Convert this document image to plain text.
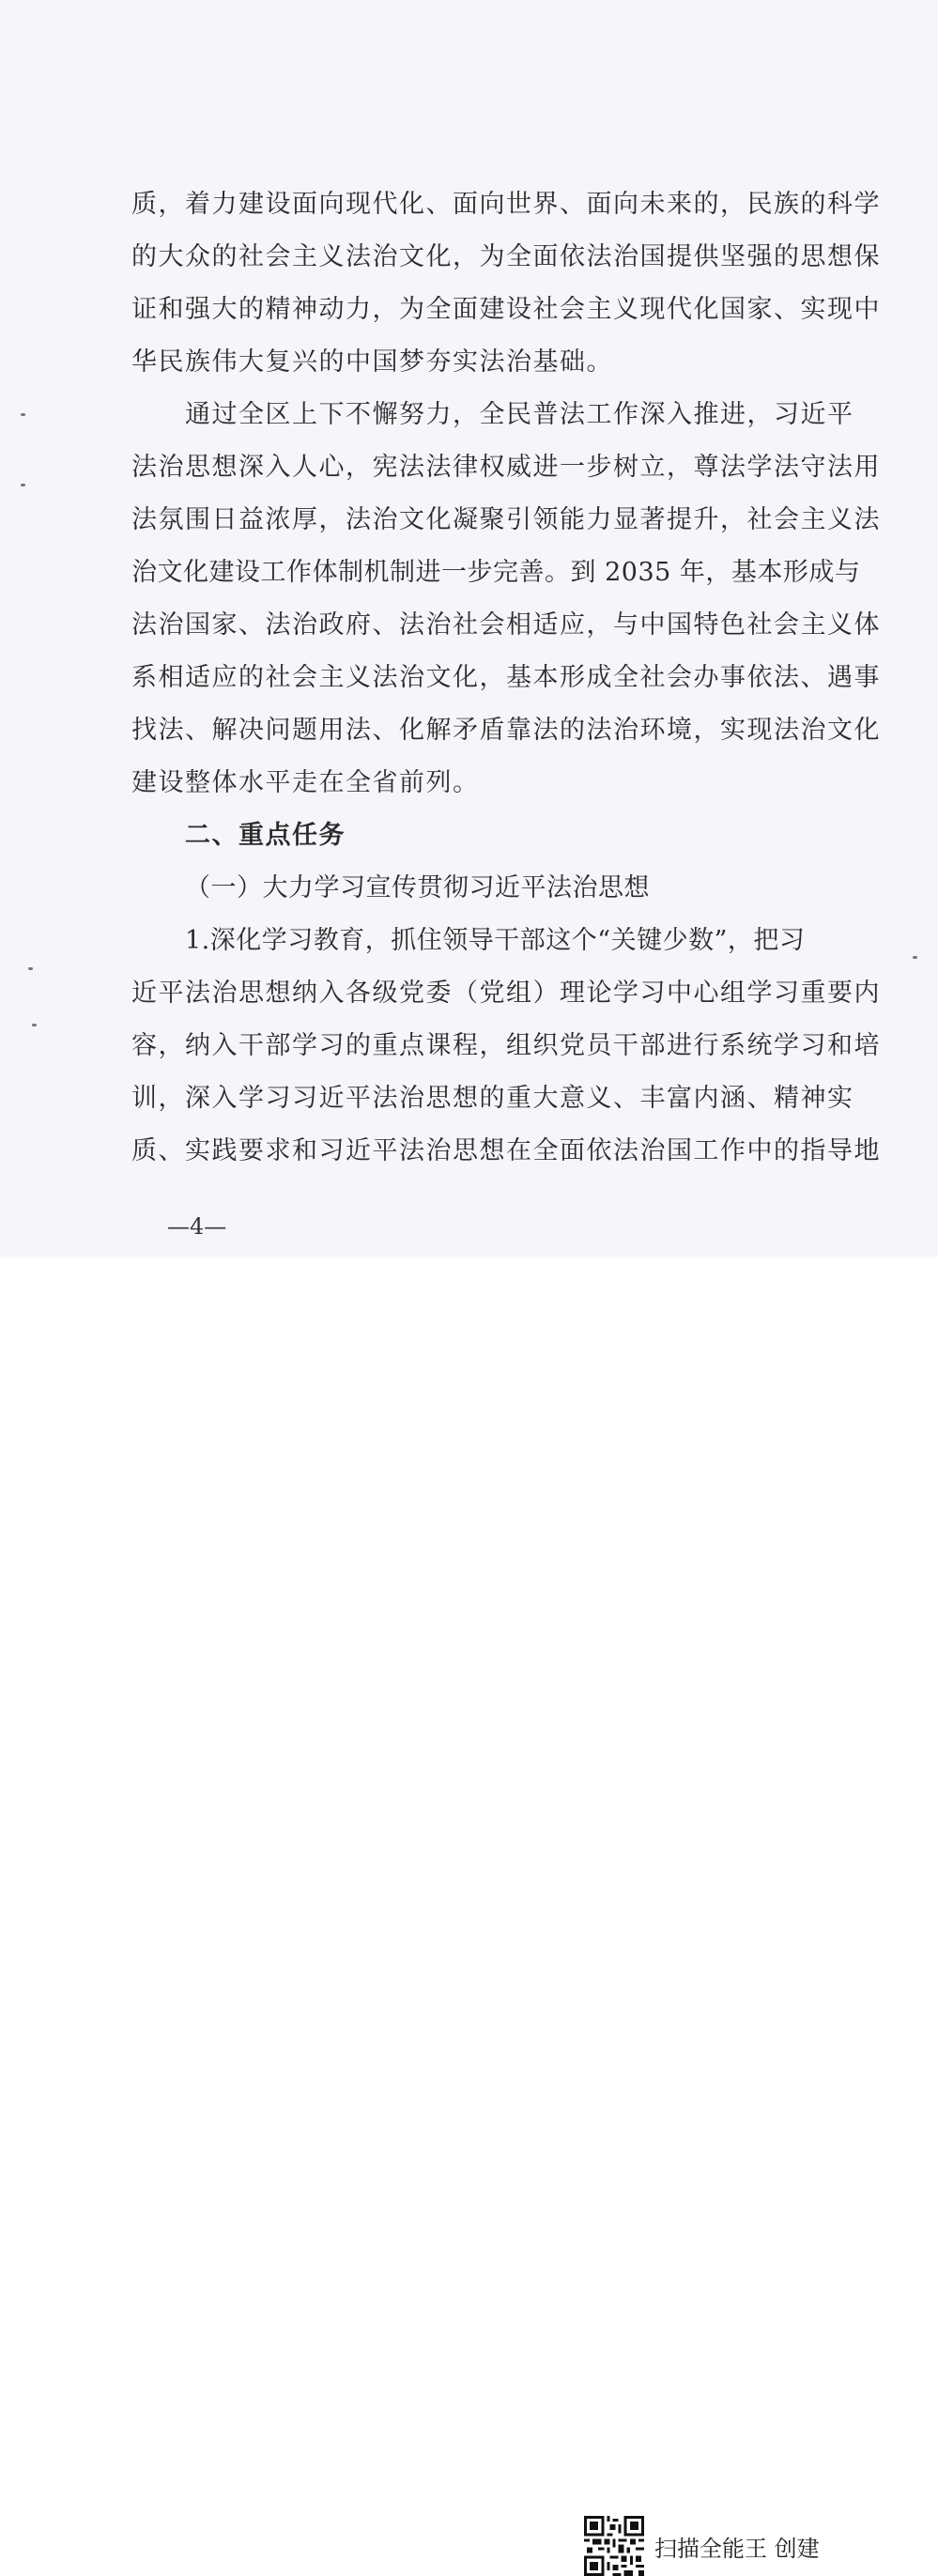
质，着力建设面向现代化、面向世界、面向未来的，民族的科学
的大众的社会主义法治文化，为全面依法治国提供坚强的思想保
证和强大的精神动力，为全面建设社会主义现代化国家、实现中
华民族伟大复兴的中国梦夯实法治基础。
通过全区上下不懈努力，全民普法工作深入推进，习近平
法治思想深入人心，宪法法律权威进一步树立，尊法学法守法用
法氛围日益浓厚，法治文化凝聚引领能力显著提升，社会主义法
治文化建设工作体制机制进一步完善。到 2035 年，基本形成与
法治国家、法治政府、法治社会相适应，与中国特色社会主义体
系相适应的社会主义法治文化，基本形成全社会办事依法、遇事
找法、解决问题用法、化解矛盾靠法的法治环境，实现法治文化
建设整体水平走在全省前列。
二、重点任务
（一）大力学习宣传贯彻习近平法治思想
1.深化学习教育，抓住领导干部这个“关键少数”，把习
近平法治思想纳入各级党委（党组）理论学习中心组学习重要内
容，纳入干部学习的重点课程，组织党员干部进行系统学习和培
训，深入学习习近平法治思想的重大意义、丰富内涵、精神实
质、实践要求和习近平法治思想在全面依法治国工作中的指导地
—4—
扫描全能王 创建
